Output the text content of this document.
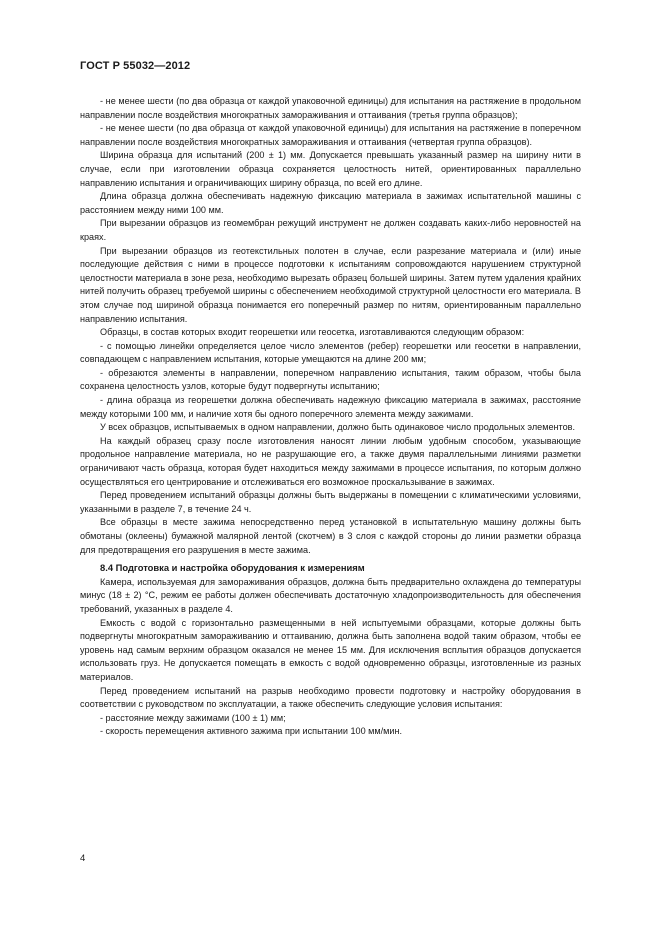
ГОСТ Р 55032—2012

- не менее шести (по два образца от каждой упаковочной единицы) для испытания на растяжение в продольном направлении после воздействия многократных замораживания и оттаивания (третья группа образцов);

- не менее шести (по два образца от каждой упаковочной единицы) для испытания на растяжение в поперечном направлении после воздействия многократных замораживания и оттаивания (четвертая группа образцов).

Ширина образца для испытаний (200 ± 1) мм. Допускается превышать указанный размер на ширину нити в случае, если при изготовлении образца сохраняется целостность нитей, ориентированных параллельно направлению испытания и ограничивающих ширину образца, по всей его длине.

Длина образца должна обеспечивать надежную фиксацию материала в зажимах испытательной машины с расстоянием между ними 100 мм.

При вырезании образцов из геомембран режущий инструмент не должен создавать каких-либо неровностей на краях.

При вырезании образцов из геотекстильных полотен в случае, если разрезание материала и (или) иные последующие действия с ними в процессе подготовки к испытаниям сопровождаются нарушением структурной целостности материала в зоне реза, необходимо вырезать образец большей ширины. Затем путем удаления крайних нитей получить образец требуемой ширины с обеспечением необходимой структурной целостности его материала. В этом случае под шириной образца понимается его поперечный размер по нитям, ориентированным параллельно направлению испытания.

Образцы, в состав которых входит георешетки или геосетка, изготавливаются следующим образом:

- с помощью линейки определяется целое число элементов (ребер) георешетки или геосетки в направлении, совпадающем с направлением испытания, которые умещаются на длине 200 мм;

- обрезаются элементы в направлении, поперечном направлению испытания, таким образом, чтобы была сохранена целостность узлов, которые будут подвергнуты испытанию;

- длина образца из георешетки должна обеспечивать надежную фиксацию материала в зажимах, расстояние между которыми 100 мм, и наличие хотя бы одного поперечного элемента между зажимами.

У всех образцов, испытываемых в одном направлении, должно быть одинаковое число продольных элементов.

На каждый образец сразу после изготовления наносят линии любым удобным способом, указывающие продольное направление материала, но не разрушающие его, а также двумя параллельными линиями разметки ограничивают часть образца, которая будет находиться между зажимами в процессе испытания, по которым должно осуществляться его центрирование и отслеживаться его возможное проскальзывание в зажимах.

Перед проведением испытаний образцы должны быть выдержаны в помещении с климатическими условиями, указанными в разделе 7, в течение 24 ч.

Все образцы в месте зажима непосредственно перед установкой в испытательную машину должны быть обмотаны (оклеены) бумажной малярной лентой (скотчем) в 3 слоя с каждой стороны до линии разметки образца для предотвращения его разрушения в месте зажима.

8.4 Подготовка и настройка оборудования к измерениям

Камера, используемая для замораживания образцов, должна быть предварительно охлаждена до температуры минус (18 ± 2) °С, режим ее работы должен обеспечивать достаточную хладопроизводительность для обеспечения требований, указанных в разделе 4.

Емкость с водой с горизонтально размещенными в ней испытуемыми образцами, которые должны быть подвергнуты многократным замораживанию и оттаиванию, должна быть заполнена водой таким образом, чтобы ее уровень над самым верхним образцом оказался не менее 15 мм. Для исключения всплытия образцов допускается использовать груз. Не допускается помещать в емкость с водой одновременно образцы, изготовленные из разных материалов.

Перед проведением испытаний на разрыв необходимо провести подготовку и настройку оборудования в соответствии с руководством по эксплуатации, а также обеспечить следующие условия испытания:

- расстояние между зажимами (100 ± 1) мм;

- скорость перемещения активного зажима при испытании 100 мм/мин.

4
